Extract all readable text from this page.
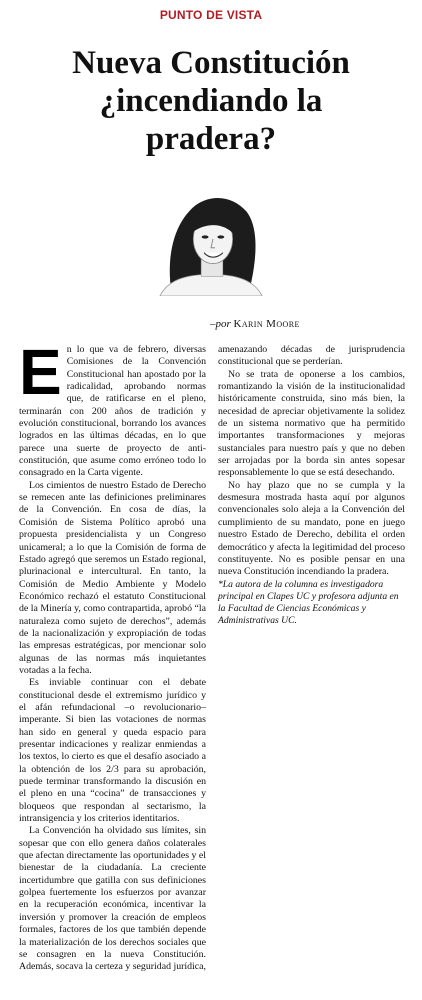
PUNTO DE VISTA
Nueva Constitución
¿incendiando la
pradera?
–por Karin Moore

En lo que va de febrero, diversas Comisiones de la Convención Constitucional han apostado por la radicalidad, aprobando normas que, de ratificarse en el pleno, terminarán con 200 años de tradición y evolución constitucional, borrando los avances logrados en las últimas décadas, en lo que parece una suerte de proyecto de anti-constitución, que asume como erróneo todo lo consagrado en la Carta vigente.

Los cimientos de nuestro Estado de Derecho se remecen ante las definiciones preliminares de la Convención. En cosa de días, la Comisión de Sistema Político aprobó una propuesta presidencialista y un Congreso unicameral; a lo que la Comisión de forma de Estado agregó que seremos un Estado regional, plurinacional e intercultural. En tanto, la Comisión de Medio Ambiente y Modelo Económico rechazó el estatuto Constitucional de la Minería y, como contrapartida, aprobó “la naturaleza como sujeto de derechos”, además de la nacionalización y expropiación de todas las empresas estratégicas, por mencionar solo algunas de las normas más inquietantes votadas a la fecha.

Es inviable continuar con el debate constitucional desde el extremismo jurídico y el afán refundacional –o revolucionario– imperante. Si bien las votaciones de normas han sido en general y queda espacio para presentar indicaciones y realizar enmiendas a los textos, lo cierto es que el desafío asociado a la obtención de los 2/3 para su aprobación, puede terminar transformando la discusión en el pleno en una “cocina” de transacciones y bloqueos que respondan al sectarismo, la intransigencia y los criterios identitarios.

La Convención ha olvidado sus límites, sin sopesar que con ello genera daños colaterales que afectan directamente las oportunidades y el bienestar de la ciudadanía. La creciente incertidumbre que gatilla con sus definiciones golpea fuertemente los esfuerzos por avanzar en la recuperación económica, incentivar la inversión y promover la creación de empleos formales, factores de los que también depende la materialización de los derechos sociales que se consagren en la nueva Constitución. Además, socava la certeza y seguridad jurídica, amenazando décadas de jurisprudencia constitucional que se perderían.

No se trata de oponerse a los cambios, romantizando la visión de la institucionalidad históricamente construida, sino más bien, la necesidad de apreciar objetivamente la solidez de un sistema normativo que ha permitido importantes transformaciones y mejoras sustanciales para nuestro país y que no deben ser arrojadas por la borda sin antes sopesar responsablemente lo que se está desechando.

No hay plazo que no se cumpla y la desmesura mostrada hasta aquí por algunos convencionales solo aleja a la Convención del cumplimiento de su mandato, pone en juego nuestro Estado de Derecho, debilita el orden democrático y afecta la legitimidad del proceso constituyente. No es posible pensar en una nueva Constitución incendiando la pradera.

*La autora de la columna es investigadora principal en Clapes UC y profesora adjunta en la Facultad de Ciencias Económicas y Administrativas UC.
